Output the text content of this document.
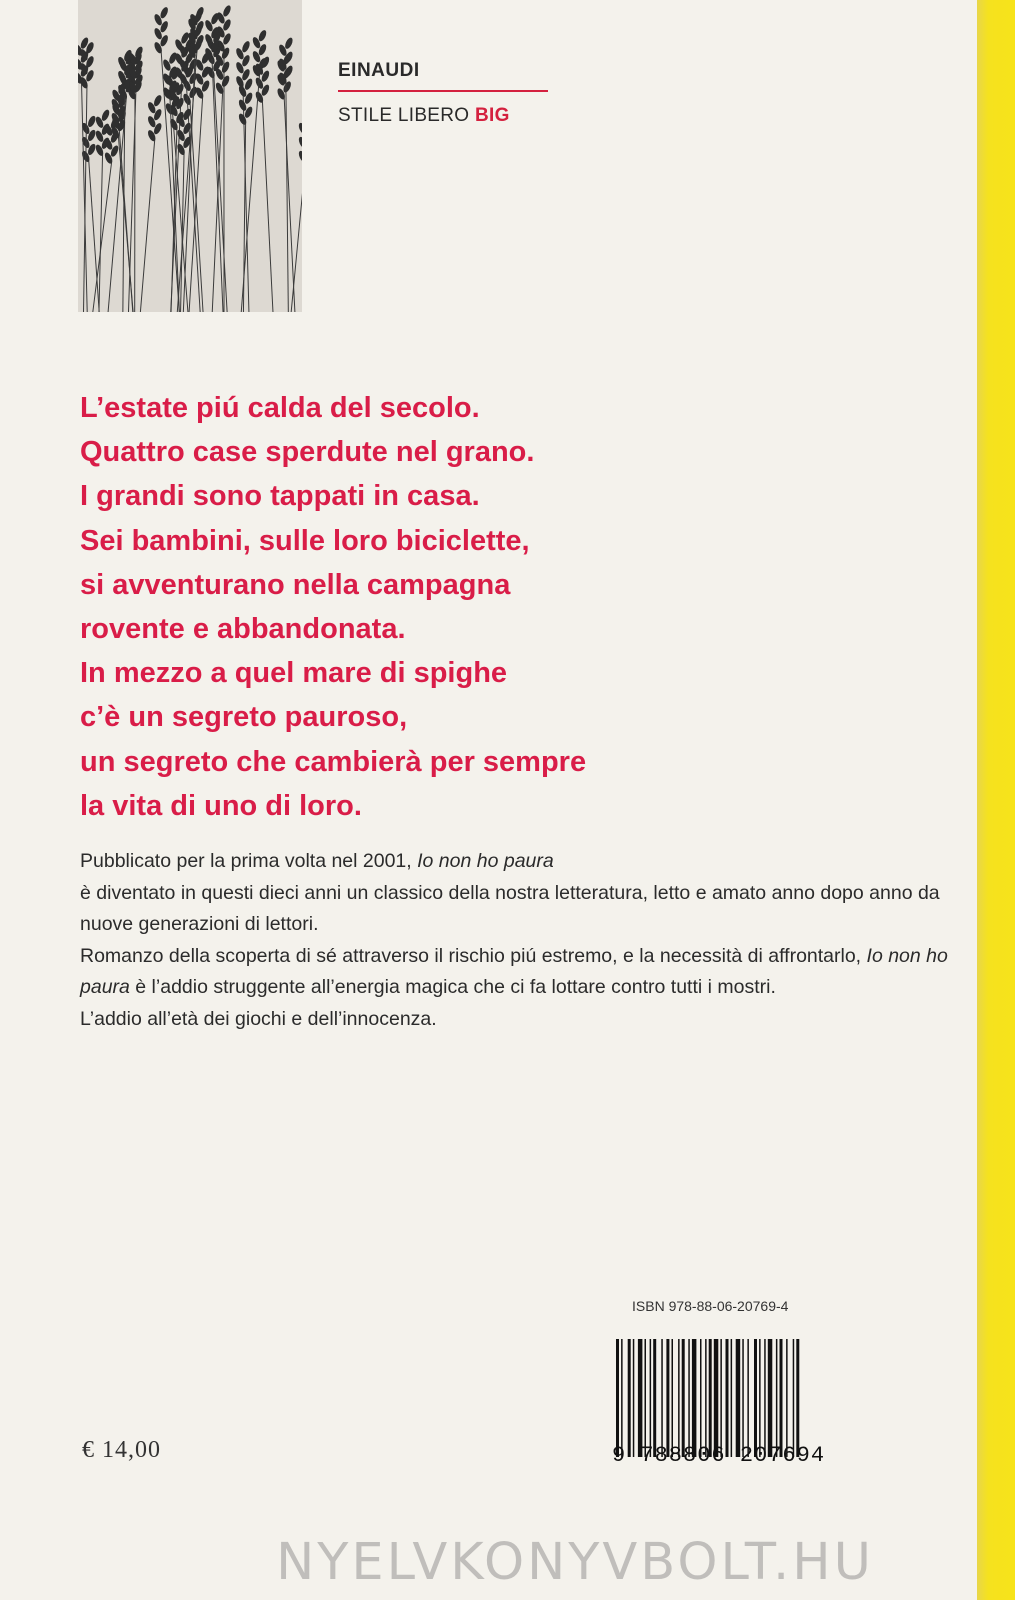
EINAUDI
STILE LIBERO BIG
L’estate piú calda del secolo.
Quattro case sperdute nel grano.
I grandi sono tappati in casa.
Sei bambini, sulle loro biciclette,
si avventurano nella campagna
rovente e abbandonata.
In mezzo a quel mare di spighe
c’è un segreto pauroso,
un segreto che cambierà per sempre
la vita di uno di loro.

Pubblicato per la prima volta nel 2001, Io non ho paura
è diventato in questi dieci anni un classico della nostra letteratura, letto e amato anno dopo anno da nuove generazioni di lettori.

Romanzo della scoperta di sé attraverso il rischio piú estremo, e la necessità di affrontarlo, Io non ho paura è l’addio struggente all’energia magica che ci fa lottare contro tutti i mostri.

L’addio all’età dei giochi e dell’innocenza.

ISBN 978-88-06-20769-4
9 788806 207694
€ 14,00
NYELVKONYVBOLT.HU
